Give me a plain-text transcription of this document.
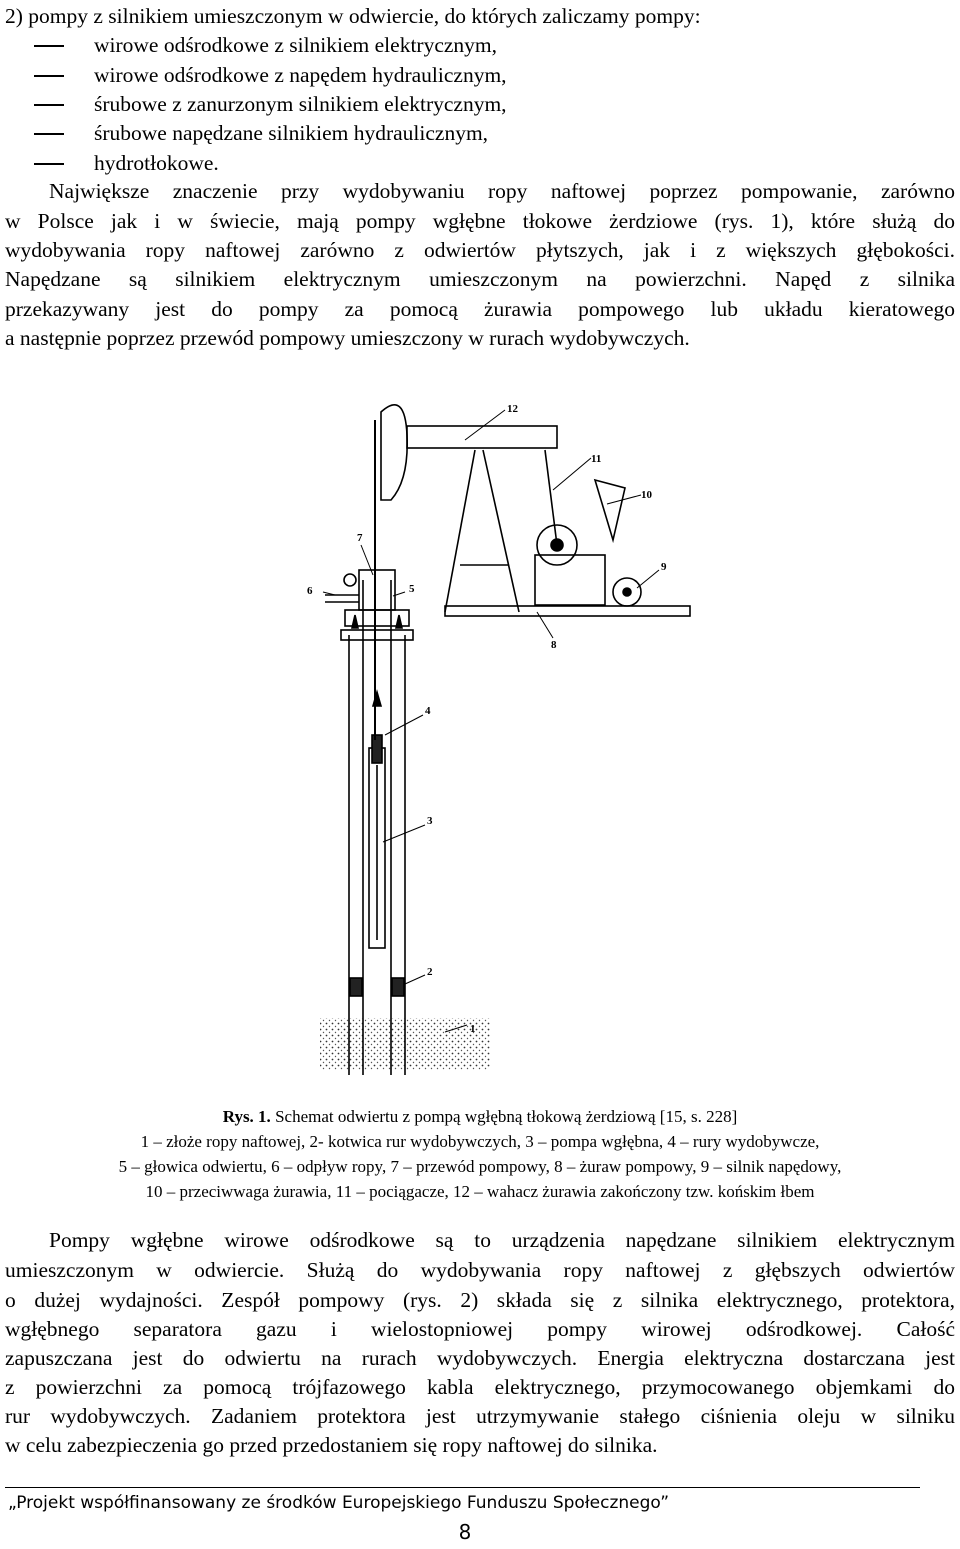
2) pompy z silnikiem umieszczonym w odwiercie, do których zaliczamy pompy:
wirowe odśrodkowe z silnikiem elektrycznym,
wirowe odśrodkowe z napędem hydraulicznym,
śrubowe z zanurzonym silnikiem elektrycznym,
śrubowe napędzane silnikiem hydraulicznym,
hydrotłokowe.
Największe znaczenie przy wydobywaniu ropy naftowej poprzez pompowanie, zarówno
w Polsce jak i w świecie, mają pompy wgłębne tłokowe żerdziowe (rys. 1), które służą do
wydobywania ropy naftowej zarówno z odwiertów płytszych, jak i z większych głębokości.
Napędzane są silnikiem elektrycznym umieszczonym na powierzchni. Napęd z silnika
przekazywany jest do pompy za pomocą żurawia pompowego lub układu kieratowego
a następnie poprzez przewód pompowy umieszczony w rurach wydobywczych.
1
2
3
4
5
6
7
8
9
10
11
12
Rys. 1. Schemat odwiertu z pompą wgłębną tłokową żerdziową [15, s. 228]
1 – złoże ropy naftowej, 2- kotwica rur wydobywczych, 3 – pompa wgłębna, 4 – rury wydobywcze,
5 – głowica odwiertu, 6 – odpływ ropy, 7 – przewód pompowy, 8 – żuraw pompowy, 9 – silnik napędowy,
10 – przeciwwaga żurawia, 11 – pociągacze, 12 – wahacz żurawia zakończony tzw. końskim łbem
Pompy wgłębne wirowe odśrodkowe są to urządzenia napędzane silnikiem elektrycznym
umieszczonym w odwiercie. Służą do wydobywania ropy naftowej z głębszych odwiertów
o dużej wydajności. Zespół pompowy (rys. 2) składa się z silnika elektrycznego, protektora,
wgłębnego separatora gazu i wielostopniowej pompy wirowej odśrodkowej. Całość
zapuszczana jest do odwiertu na rurach wydobywczych. Energia elektryczna dostarczana jest
z powierzchni za pomocą trójfazowego kabla elektrycznego, przymocowanego objemkami do
rur wydobywczych. Zadaniem protektora jest utrzymywanie stałego ciśnienia oleju w silniku
w celu zabezpieczenia go przed przedostaniem się ropy naftowej do silnika.
„Projekt współfinansowany ze środków Europejskiego Funduszu Społecznego”
8
